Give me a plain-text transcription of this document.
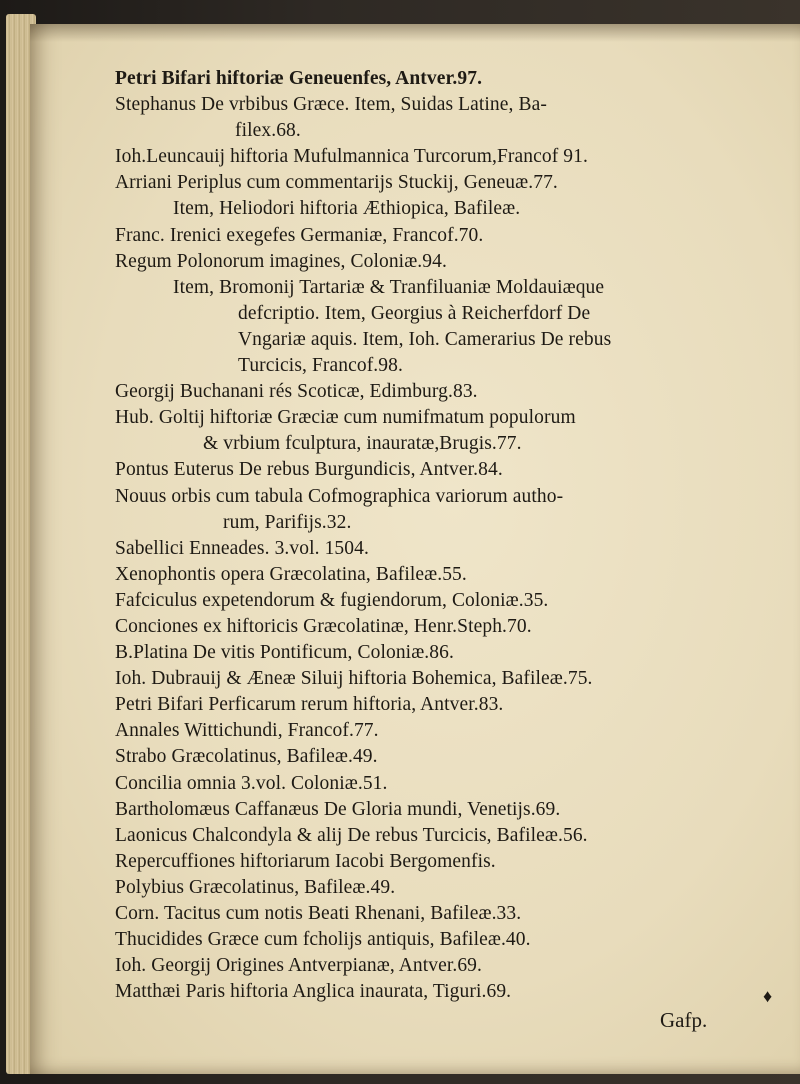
Petri Bifari hiftoriæ Geneuenfes, Antver.97.
Stephanus De vrbibus Græce. Item, Suidas Latine, Ba-
filex.68.
Ioh.Leuncauij hiftoria Mufulmannica Turcorum,Francof 91.
Arriani Periplus cum commentarijs Stuckij, Geneuæ.77.
Item, Heliodori hiftoria Æthiopica, Bafileæ.
Franc. Irenici exegefes Germaniæ, Francof.70.
Regum Polonorum imagines, Coloniæ.94.
Item, Bromonij Tartariæ & Tranfiluaniæ Moldauiæque
defcriptio. Item, Georgius à Reicherfdorf De
Vngariæ aquis. Item, Ioh. Camerarius De rebus
Turcicis, Francof.98.
Georgij Buchanani rés Scoticæ, Edimburg.83.
Hub. Goltij hiftoriæ Græciæ cum numifmatum populorum
& vrbium fculptura, inauratæ,Brugis.77.
Pontus Euterus De rebus Burgundicis, Antver.84.
Nouus orbis cum tabula Cofmographica variorum autho-
rum, Parifijs.32.
Sabellici Enneades. 3.vol. 1504.
Xenophontis opera Græcolatina, Bafileæ.55.
Fafciculus expetendorum & fugiendorum, Coloniæ.35.
Conciones ex hiftoricis Græcolatinæ, Henr.Steph.70.
B.Platina De vitis Pontificum, Coloniæ.86.
Ioh. Dubrauij & Æneæ Siluij hiftoria Bohemica, Bafileæ.75.
Petri Bifari Perficarum rerum hiftoria, Antver.83.
Annales Wittichundi, Francof.77.
Strabo Græcolatinus, Bafileæ.49.
Concilia omnia 3.vol. Coloniæ.51.
Bartholomæus Caffanæus De Gloria mundi, Venetijs.69.
Laonicus Chalcondyla & alij De rebus Turcicis, Bafileæ.56.
Repercuffiones hiftoriarum Iacobi Bergomenfis.
Polybius Græcolatinus, Bafileæ.49.
Corn. Tacitus cum notis Beati Rhenani, Bafileæ.33.
Thucidides Græce cum fcholijs antiquis, Bafileæ.40.
Ioh. Georgij Origines Antverpianæ, Antver.69.
Matthæi Paris hiftoria Anglica inaurata, Tiguri.69.	♦
Gafp.
